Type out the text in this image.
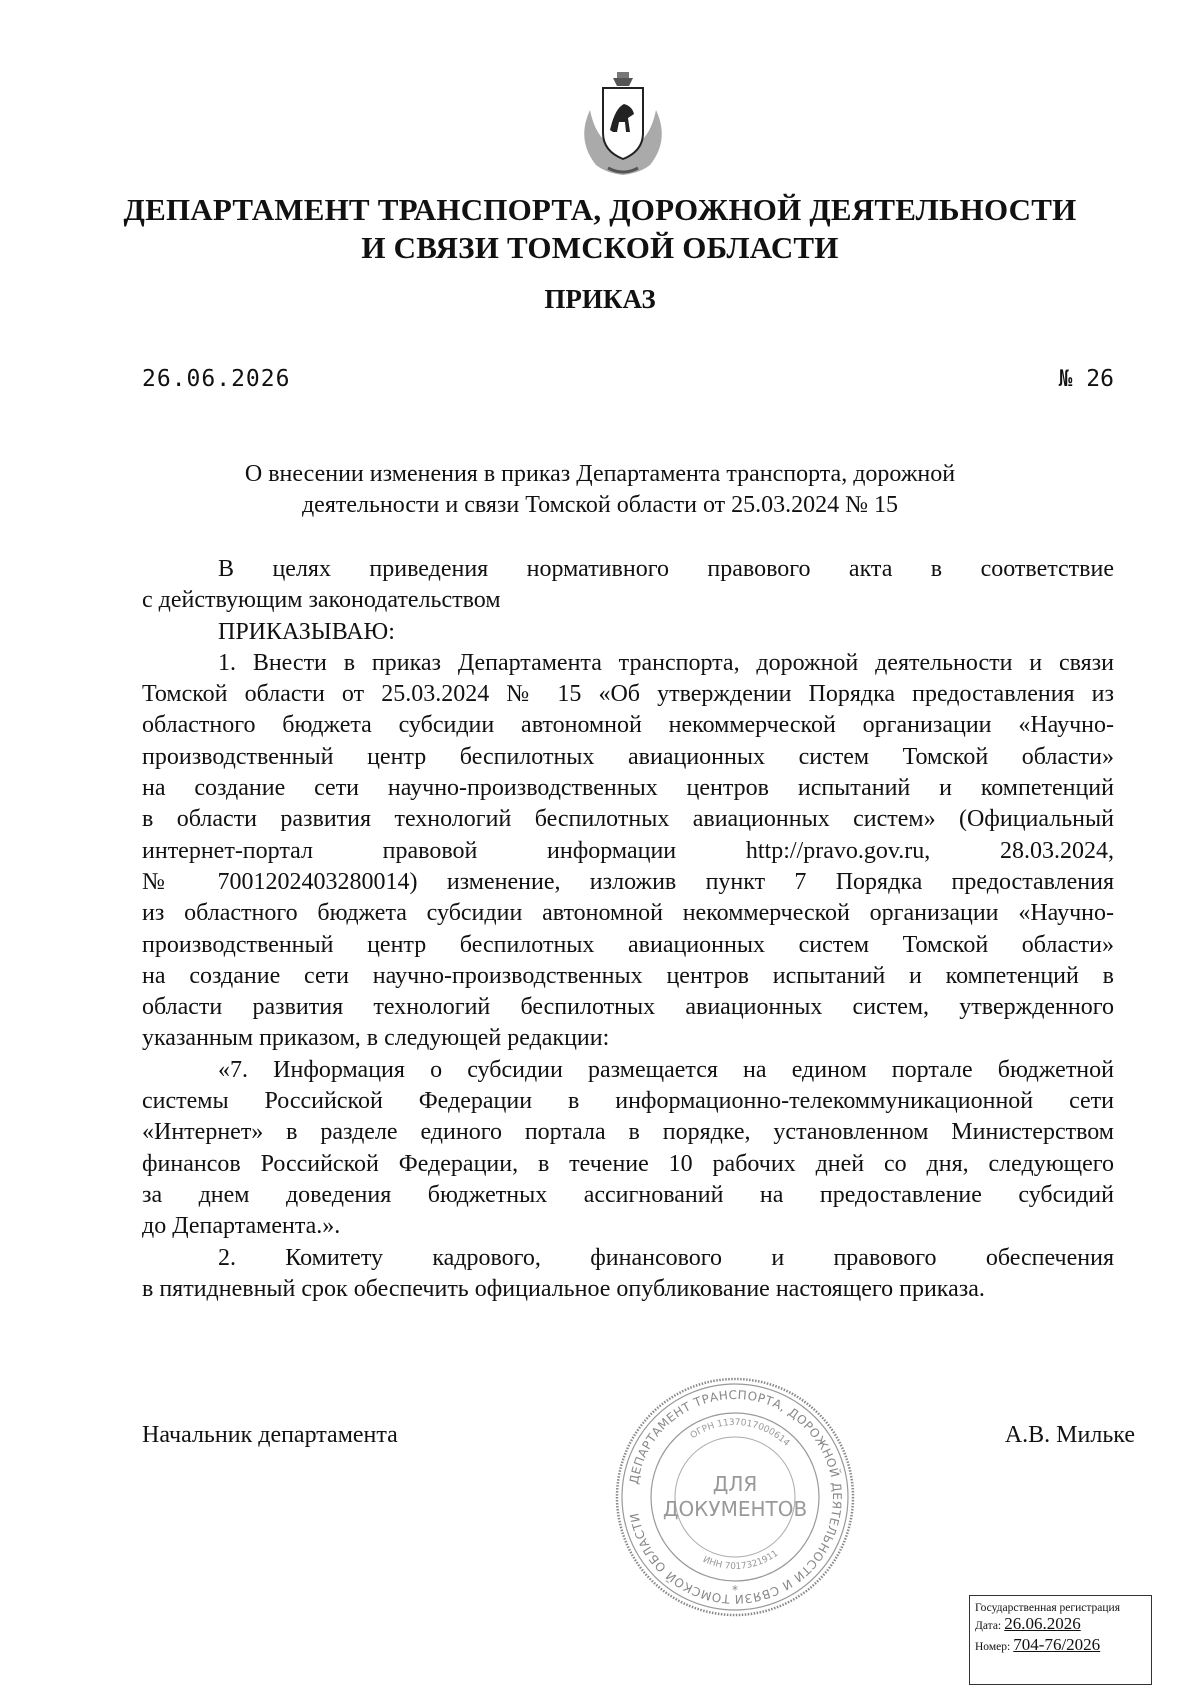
ДЕПАРТАМЕНТ ТРАНСПОРТА, ДОРОЖНОЙ ДЕЯТЕЛЬНОСТИ
И СВЯЗИ ТОМСКОЙ ОБЛАСТИ
ПРИКАЗ
26.06.2026	№ 26
О внесении изменения в приказ Департамента транспорта, дорожной
деятельности и связи Томской области от 25.03.2024 № 15

В целях приведения нормативного правового акта в соответствие

с действующим законодательством

ПРИКАЗЫВАЮ:

1. Внести в приказ Департамента транспорта, дорожной деятельности и связи

Томской области от 25.03.2024 № 15 «Об утверждении Порядка предоставления из

областного бюджета субсидии автономной некоммерческой организации «Научно-

производственный центр беспилотных авиационных систем Томской области»

на создание сети научно-производственных центров испытаний и компетенций

в области развития технологий беспилотных авиационных систем» (Официальный

интернет-портал правовой информации http://pravo.gov.ru, 28.03.2024,

№ 7001202403280014) изменение, изложив пункт 7 Порядка предоставления

из областного бюджета субсидии автономной некоммерческой организации «Научно-

производственный центр беспилотных авиационных систем Томской области»

на создание сети научно-производственных центров испытаний и компетенций в

области развития технологий беспилотных авиационных систем, утвержденного

указанным приказом, в следующей редакции:

«7. Информация о субсидии размещается на едином портале бюджетной

системы Российской Федерации в информационно-телекоммуникационной сети

«Интернет» в разделе единого портала в порядке, установленном Министерством

финансов Российской Федерации, в течение 10 рабочих дней со дня, следующего

за днем доведения бюджетных ассигнований на предоставление субсидий

до Департамента.».

2. Комитету кадрового, финансового и правового обеспечения

в пятидневный срок обеспечить официальное опубликование настоящего приказа.

Начальник департамента	А.В. Мильке
ДЕПАРТАМЕНТ ТРАНСПОРТА, ДОРОЖНОЙ ДЕЯТЕЛЬНОСТИ И СВЯЗИ ТОМСКОЙ ОБЛАСТИ
ОГРН 1137017000614
ИНН 7017321911
ДЛЯ
ДОКУМЕНТОВ
*
Государственная регистрация
Дата: 26.06.2026
Номер: 704-76/2026
